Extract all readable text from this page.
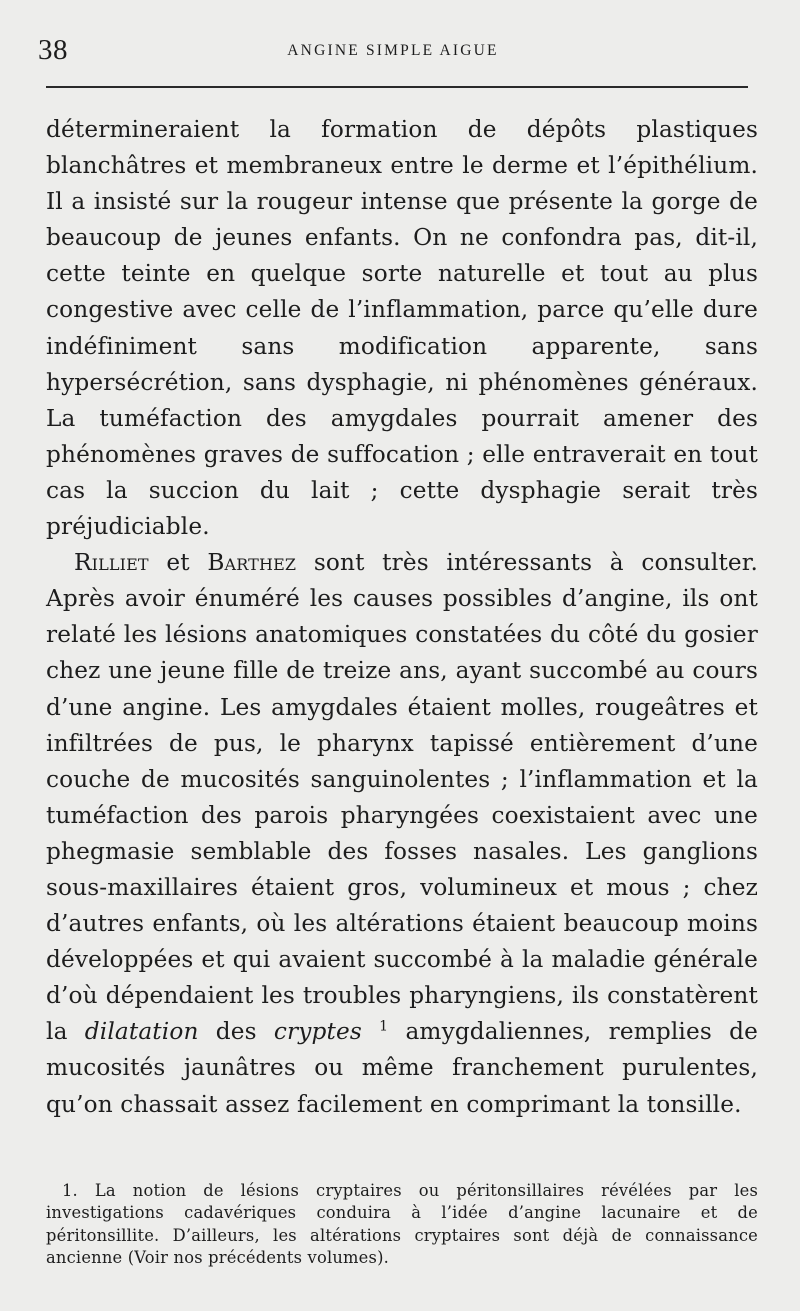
38	ANGINE SIMPLE AIGUE

déterm​ineraient la formation de dépôts plastiques blanchâtres et membraneux entre le derme et l’épithélium. Il a insisté sur la rougeur intense que présente la gorge de beaucoup de jeunes enfants. On ne confondra pas, dit-il, cette teinte en quelque sorte naturelle et tout au plus congestive avec celle de l’inflammation, parce qu’elle dure indéfiniment sans modification apparente, sans hypersécrétion, sans dysphagie, ni phénomènes généraux. La tuméfaction des amygdales pourrait amener des phénomènes graves de suffocation ; elle entraverait en tout cas la succion du lait ; cette dysphagie serait très préjudiciable.

Rilliet et Barthez sont très intéressants à consulter. Après avoir énuméré les causes possibles d’angine, ils ont relaté les lésions anatomiques constatées du côté du gosier chez une jeune fille de treize ans, ayant succombé au cours d’une angine. Les amygdales étaient molles, rougeâtres et infiltrées de pus, le pharynx tapissé entièrement d’une couche de mucosités sanguinolentes ; l’inflammation et la tuméfaction des parois pharyngées coexistaient avec une phegmasie semblable des fosses nasales. Les ganglions sous-maxillaires étaient gros, volumineux et mous ; chez d’autres enfants, où les altérations étaient beaucoup moins développées et qui avaient succombé à la maladie générale d’où dépendaient les troubles pharyngiens, ils constatèrent la dilatation des cryptes $^1$ amygdaliennes, remplies de mucosités jaunâtres ou même franchement purulentes, qu’on chassait assez facilement en comprimant la tonsille.

1. La notion de lésions cryptaires ou péritonsillaires révélées par les investigations cadavériques conduira à l’idée d’angine lacunaire et de péritonsillite. D’ailleurs, les altérations cryptaires sont déjà de connaissance ancienne (Voir nos précédents volumes).
